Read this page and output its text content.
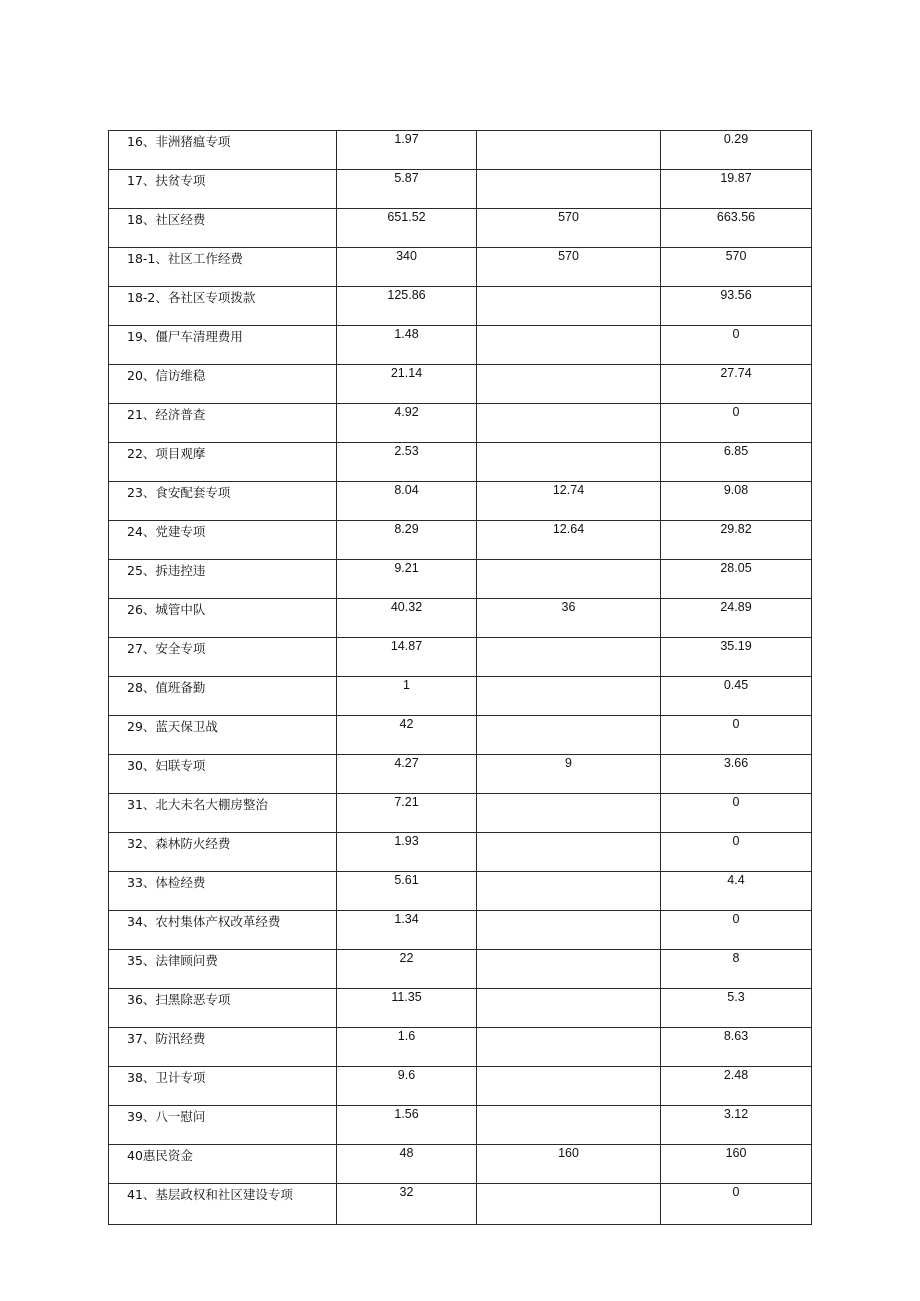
16、非洲猪瘟专项	1.97		0.29
17、扶贫专项	5.87		19.87
18、社区经费	651.52	570	663.56
18-1、社区工作经费	340	570	570
18-2、各社区专项拨款	125.86		93.56
19、僵尸车清理费用	1.48		0
20、信访维稳	21.14		27.74
21、经济普查	4.92		0
22、项目观摩	2.53		6.85
23、食安配套专项	8.04	12.74	9.08
24、党建专项	8.29	12.64	29.82
25、拆违控违	9.21		28.05
26、城管中队	40.32	36	24.89
27、安全专项	14.87		35.19
28、值班备勤	1		0.45
29、蓝天保卫战	42		0
30、妇联专项	4.27	9	3.66
31、北大未名大棚房整治	7.21		0
32、森林防火经费	1.93		0
33、体检经费	5.61		4.4
34、农村集体产权改革经费	1.34		0
35、法律顾问费	22		8
36、扫黑除恶专项	11.35		5.3
37、防汛经费	1.6		8.63
38、卫计专项	9.6		2.48
39、八一慰问	1.56		3.12
40惠民资金	48	160	160
41、基层政权和社区建设专项	32		0
